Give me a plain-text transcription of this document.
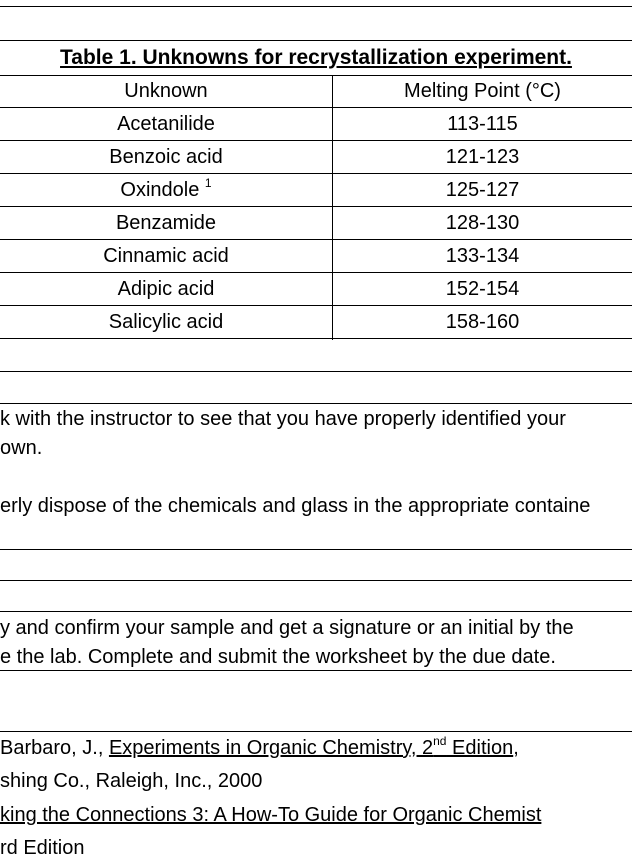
Table 1. Unknowns for recrystallization experiment.
Unknown	Melting Point (°C)
Acetanilide	113-115
Benzoic acid	121-123
Oxindole $^1$	125-127
Benzamide	128-130
Cinnamic acid	133-134
Adipic acid	152-154
Salicylic acid	158-160
k with the instructor to see that you have properly identified your
own.
erly dispose of the chemicals and glass in the appropriate containe
y and confirm your sample and get a signature or an initial by the
e the lab. Complete and submit the worksheet by the due date.
Barbaro, J., Experiments in Organic Chemistry, 2nd Edition,
shing Co., Raleigh, Inc., 2000
king the Connections 3: A How-To Guide for Organic Chemist
rd Edition
